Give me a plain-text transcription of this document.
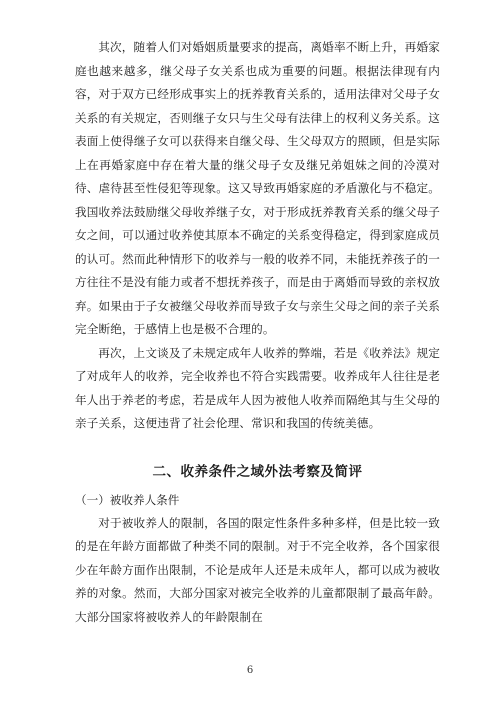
其次，随着人们对婚姻质量要求的提高，离婚率不断上升，再婚家庭也越来越多，继父母子女关系也成为重要的问题。根据法律现有内容，对于双方已经形成事实上的抚养教育关系的，适用法律对父母子女关系的有关规定，否则继子女只与生父母有法律上的权利义务关系。这表面上使得继子女可以获得来自继父母、生父母双方的照顾，但是实际上在再婚家庭中存在着大量的继父母子女及继兄弟姐妹之间的冷漠对待、虐待甚至性侵犯等现象。这又导致再婚家庭的矛盾激化与不稳定。我国收养法鼓励继父母收养继子女，对于形成抚养教育关系的继父母子女之间，可以通过收养使其原本不确定的关系变得稳定，得到家庭成员的认可。然而此种情形下的收养与一般的收养不同，未能抚养孩子的一方往往不是没有能力或者不想抚养孩子，而是由于离婚而导致的亲权放弃。如果由于子女被继父母收养而导致子女与亲生父母之间的亲子关系完全断绝，于感情上也是极不合理的。

再次，上文谈及了未规定成年人收养的弊端，若是《收养法》规定了对成年人的收养，完全收养也不符合实践需要。收养成年人往往是老年人出于养老的考虑，若是成年人因为被他人收养而隔绝其与生父母的亲子关系，这便违背了社会伦理、常识和我国的传统美德。

二、收养条件之域外法考察及简评

（一）被收养人条件

对于被收养人的限制，各国的限定性条件多种多样，但是比较一致的是在年龄方面都做了种类不同的限制。对于不完全收养，各个国家很少在年龄方面作出限制，不论是成年人还是未成年人，都可以成为被收养的对象。然而，大部分国家对被完全收养的儿童都限制了最高年龄。大部分国家将被收养人的年龄限制在

6
